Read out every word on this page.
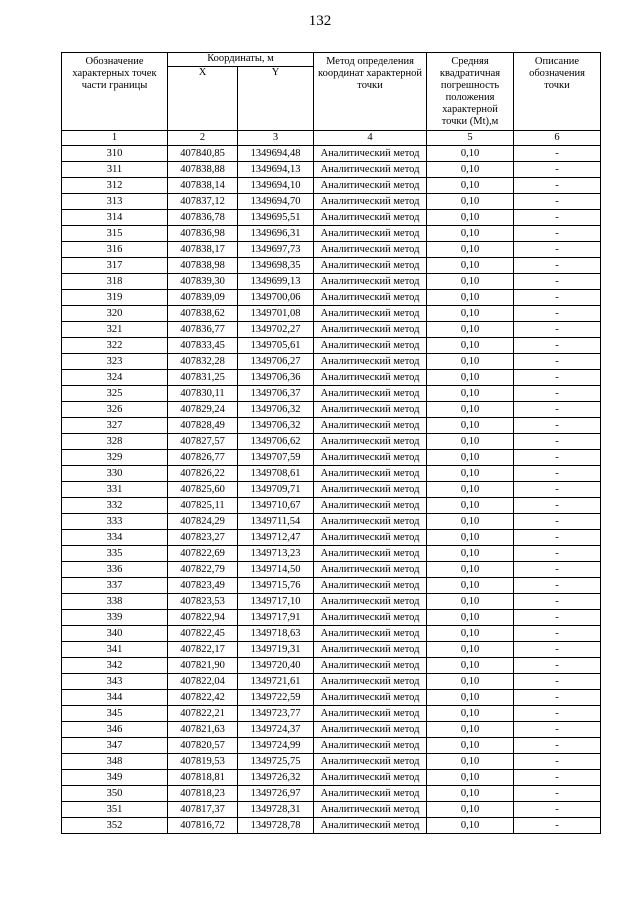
132
Обозначение характерных точек части границы	Координаты, м		Метод определения координат характерной точки	Средняя квадратичная погрешность положения характерной точки (Mt),м	Описание обозначения точки
	X	Y			
1	2	3	4	5	6
310	407840,85	1349694,48	Аналитический метод	0,10	-
311	407838,88	1349694,13	Аналитический метод	0,10	-
312	407838,14	1349694,10	Аналитический метод	0,10	-
313	407837,12	1349694,70	Аналитический метод	0,10	-
314	407836,78	1349695,51	Аналитический метод	0,10	-
315	407836,98	1349696,31	Аналитический метод	0,10	-
316	407838,17	1349697,73	Аналитический метод	0,10	-
317	407838,98	1349698,35	Аналитический метод	0,10	-
318	407839,30	1349699,13	Аналитический метод	0,10	-
319	407839,09	1349700,06	Аналитический метод	0,10	-
320	407838,62	1349701,08	Аналитический метод	0,10	-
321	407836,77	1349702,27	Аналитический метод	0,10	-
322	407833,45	1349705,61	Аналитический метод	0,10	-
323	407832,28	1349706,27	Аналитический метод	0,10	-
324	407831,25	1349706,36	Аналитический метод	0,10	-
325	407830,11	1349706,37	Аналитический метод	0,10	-
326	407829,24	1349706,32	Аналитический метод	0,10	-
327	407828,49	1349706,32	Аналитический метод	0,10	-
328	407827,57	1349706,62	Аналитический метод	0,10	-
329	407826,77	1349707,59	Аналитический метод	0,10	-
330	407826,22	1349708,61	Аналитический метод	0,10	-
331	407825,60	1349709,71	Аналитический метод	0,10	-
332	407825,11	1349710,67	Аналитический метод	0,10	-
333	407824,29	1349711,54	Аналитический метод	0,10	-
334	407823,27	1349712,47	Аналитический метод	0,10	-
335	407822,69	1349713,23	Аналитический метод	0,10	-
336	407822,79	1349714,50	Аналитический метод	0,10	-
337	407823,49	1349715,76	Аналитический метод	0,10	-
338	407823,53	1349717,10	Аналитический метод	0,10	-
339	407822,94	1349717,91	Аналитический метод	0,10	-
340	407822,45	1349718,63	Аналитический метод	0,10	-
341	407822,17	1349719,31	Аналитический метод	0,10	-
342	407821,90	1349720,40	Аналитический метод	0,10	-
343	407822,04	1349721,61	Аналитический метод	0,10	-
344	407822,42	1349722,59	Аналитический метод	0,10	-
345	407822,21	1349723,77	Аналитический метод	0,10	-
346	407821,63	1349724,37	Аналитический метод	0,10	-
347	407820,57	1349724,99	Аналитический метод	0,10	-
348	407819,53	1349725,75	Аналитический метод	0,10	-
349	407818,81	1349726,32	Аналитический метод	0,10	-
350	407818,23	1349726,97	Аналитический метод	0,10	-
351	407817,37	1349728,31	Аналитический метод	0,10	-
352	407816,72	1349728,78	Аналитический метод	0,10	-
